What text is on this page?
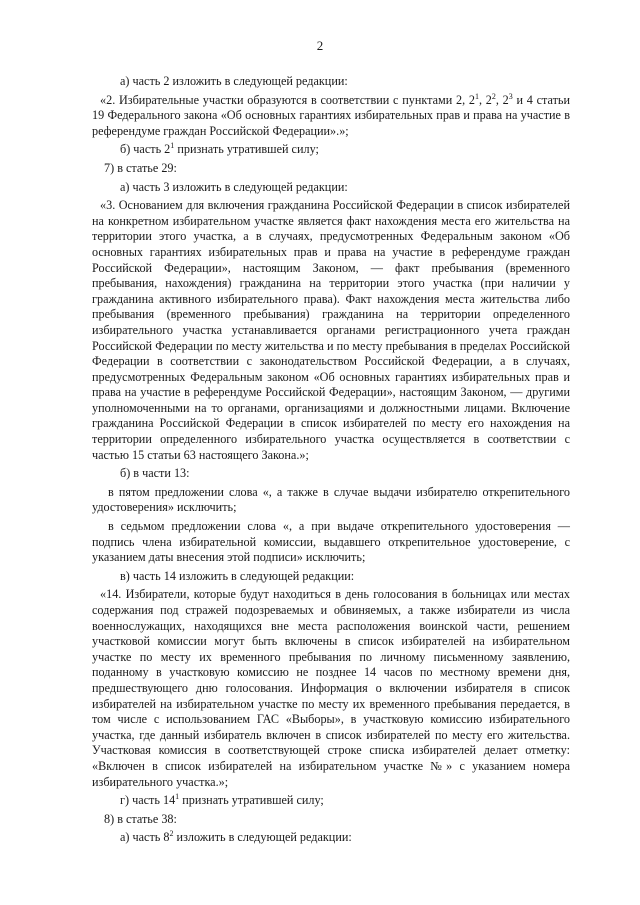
2

а) часть 2 изложить в следующей редакции:

«2. Избирательные участки образуются в соответствии с пунктами 2, $2^1$, $2^2$, $2^3$ и 4 статьи 19 Федерального закона «Об основных гарантиях избирательных прав и права на участие в референдуме граждан Российской Федерации».»;

б) часть $2^1$ признать утратившей силу;

7) в статье 29:

а) часть 3 изложить в следующей редакции:

«3. Основанием для включения гражданина Российской Федерации в список избирателей на конкретном избирательном участке является факт нахождения места его жительства на территории этого участка, а в случаях, предусмотренных Федеральным законом «Об основных гарантиях избирательных прав и права на участие в референдуме граждан Российской Федерации», настоящим Законом, — факт пребывания (временного пребывания, нахождения) гражданина на территории этого участка (при наличии у гражданина активного избирательного права). Факт нахождения места жительства либо пребывания (временного пребывания) гражданина на территории определенного избирательного участка устанавливается органами регистрационного учета граждан Российской Федерации по месту жительства и по месту пребывания в пределах Российской Федерации в соответствии с законодательством Российской Федерации, а в случаях, предусмотренных Федеральным законом «Об основных гарантиях избирательных прав и права на участие в референдуме Российской Федерации», настоящим Законом, — другими уполномоченными на то органами, организациями и должностными лицами. Включение гражданина Российской Федерации в список избирателей по месту его нахождения на территории определенного избирательного участка осуществляется в соответствии с частью 15 статьи 63 настоящего Закона.»;

б) в части 13:

в пятом предложении слова «, а также в случае выдачи избирателю открепительного удостоверения» исключить;

в седьмом предложении слова «, а при выдаче открепительного удостоверения — подпись члена избирательной комиссии, выдавшего открепительное удостоверение, с указанием даты внесения этой подписи» исключить;

в) часть 14 изложить в следующей редакции:

«14. Избиратели, которые будут находиться в день голосования в больницах или местах содержания под стражей подозреваемых и обвиняемых, а также избиратели из числа военнослужащих, находящихся вне места расположения воинской части, решением участковой комиссии могут быть включены в список избирателей на избирательном участке по месту их временного пребывания по личному письменному заявлению, поданному в участковую комиссию не позднее 14 часов по местному времени дня, предшествующего дню голосования. Информация о включении избирателя в список избирателей на избирательном участке по месту их временного пребывания передается, в том числе с использованием ГАС «Выборы», в участковую комиссию избирательного участка, где данный избиратель включен в список избирателей по месту его жительства. Участковая комиссия в соответствующей строке списка избирателей делает отметку: «Включен в список избирателей на избирательном участке №» с указанием номера избирательного участка.»;

г) часть $14^1$ признать утратившей силу;

8) в статье 38:

а) часть $8^2$ изложить в следующей редакции:
